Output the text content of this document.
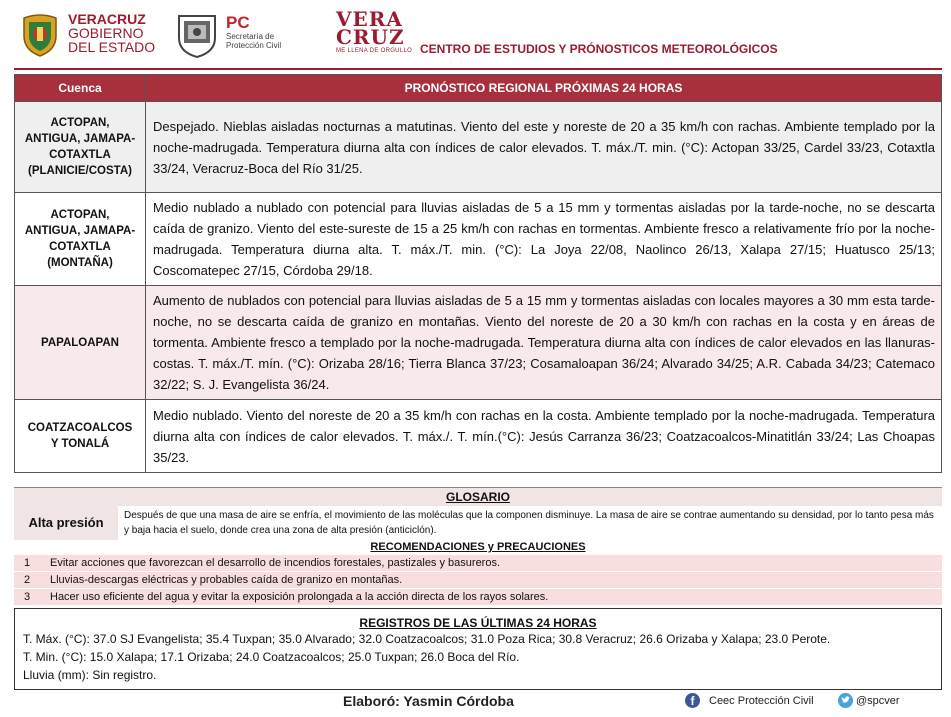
VERACRUZ
GOBIERNO
DEL ESTADO
PC
Secretaría de
Protección Civil
VERA
CRUZ
ME LLENA DE ORGULLO CENTRO DE ESTUDIOS Y PRÓNOSTICOS METEOROLÓGICOS
Cuenca	PRONÓSTICO REGIONAL PRÓXIMAS 24 HORAS
ACTOPAN, ANTIGUA, JAMAPA-COTAXTLA (PLANICIE/COSTA)	Despejado. Nieblas aisladas nocturnas a matutinas. Viento del este y noreste de 20 a 35 km/h con rachas. Ambiente templado por la noche-madrugada. Temperatura diurna alta con índices de calor elevados. T. máx./T. min. (°C): Actopan 33/25, Cardel 33/23, Cotaxtla 33/24, Veracruz-Boca del Río 31/25.
ACTOPAN, ANTIGUA, JAMAPA-COTAXTLA (MONTAÑA)	Medio nublado a nublado con potencial para lluvias aisladas de 5 a 15 mm y tormentas aisladas por la tarde-noche, no se descarta caída de granizo. Viento del este-sureste de 15 a 25 km/h con rachas en tormentas. Ambiente fresco a relativamente frío por la noche-madrugada. Temperatura diurna alta. T. máx./T. min. (°C): La Joya 22/08, Naolinco 26/13, Xalapa 27/15; Huatusco 25/13; Coscomatepec 27/15, Córdoba 29/18.
PAPALOAPAN	Aumento de nublados con potencial para lluvias aisladas de 5 a 15 mm y tormentas aisladas con locales mayores a 30 mm esta tarde-noche, no se descarta caída de granizo en montañas. Viento del noreste de 20 a 30 km/h con rachas en la costa y en áreas de tormenta. Ambiente fresco a templado por la noche-madrugada. Temperatura diurna alta con índices de calor elevados en las llanuras-costas. T. máx./T. mín. (°C): Orizaba 28/16; Tierra Blanca 37/23; Cosamaloapan 36/24; Alvarado 34/25; A.R. Cabada 34/23; Catemaco 32/22; S. J. Evangelista 36/24.
COATZACOALCOS Y TONALÁ	Medio nublado. Viento del noreste de 20 a 35 km/h con rachas en la costa. Ambiente templado por la noche-madrugada. Temperatura diurna alta con índices de calor elevados. T. máx./. T. mín.(°C): Jesús Carranza 36/23; Coatzacoalcos-Minatitlán 33/24; Las Choapas 35/23.
GLOSARIO
Alta presión	Después de que una masa de aire se enfría, el movimiento de las moléculas que la componen disminuye. La masa de aire se contrae aumentando su densidad, por lo tanto pesa más y baja hacia el suelo, donde crea una zona de alta presión (anticiclón).
RECOMENDACIONES y PRECAUCIONES
1 Evitar acciones que favorezcan el desarrollo de incendios forestales, pastizales y basureros.
2 Lluvias-descargas eléctricas y probables caída de granizo en montañas.
3 Hacer uso eficiente del agua y evitar la exposición prolongada a la acción directa de los rayos solares.
REGISTROS DE LAS ÚLTIMAS 24 HORAS
T. Máx. (°C): 37.0 SJ Evangelista; 35.4 Tuxpan; 35.0 Alvarado; 32.0 Coatzacoalcos; 31.0 Poza Rica; 30.8 Veracruz; 26.6 Orizaba y Xalapa; 23.0 Perote.
T. Min. (°C): 15.0 Xalapa; 17.1 Orizaba; 24.0 Coatzacoalcos; 25.0 Tuxpan; 26.0 Boca del Río.
Lluvia (mm): Sin registro.
Elaboró: Yasmin Córdoba	f	Ceec Protección Civil	@spcver
